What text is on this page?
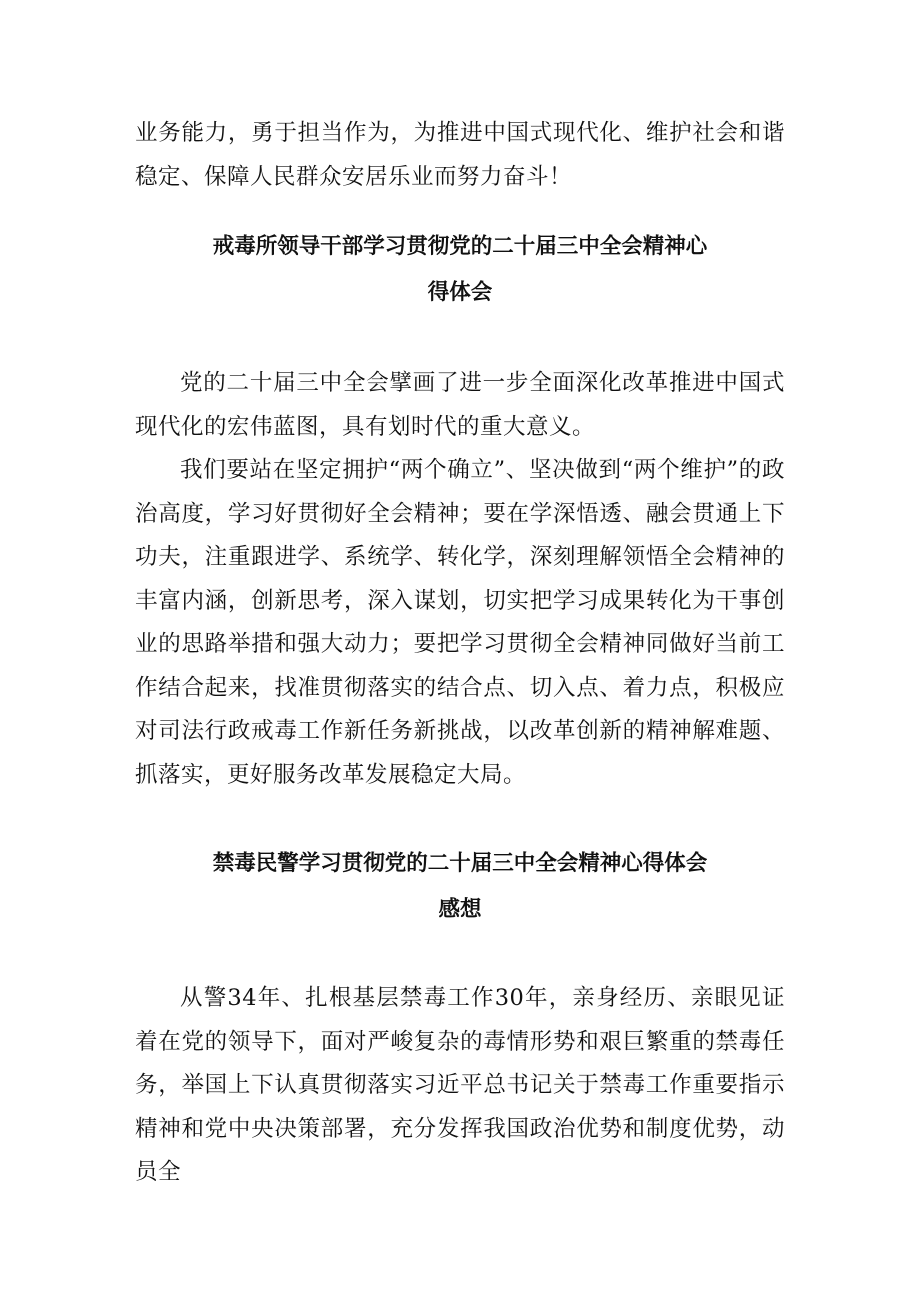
业务能力，勇于担当作为，为推进中国式现代化、维护社会和谐稳定、保障人民群众安居乐业而努力奋斗！

戒毒所领导干部学习贯彻党的二十届三中全会精神心
得体会

党的二十届三中全会擘画了进一步全面深化改革推进中国式现代化的宏伟蓝图，具有划时代的重大意义。

我们要站在坚定拥护“两个确立”、坚决做到“两个维护”的政治高度，学习好贯彻好全会精神；要在学深悟透、融会贯通上下功夫，注重跟进学、系统学、转化学，深刻理解领悟全会精神的丰富内涵，创新思考，深入谋划，切实把学习成果转化为干事创业的思路举措和强大动力；要把学习贯彻全会精神同做好当前工作结合起来，找准贯彻落实的结合点、切入点、着力点，积极应对司法行政戒毒工作新任务新挑战，以改革创新的精神解难题、抓落实，更好服务改革发展稳定大局。

禁毒民警学习贯彻党的二十届三中全会精神心得体会
感想

从警34年、扎根基层禁毒工作30年，亲身经历、亲眼见证着在党的领导下，面对严峻复杂的毒情形势和艰巨繁重的禁毒任务，举国上下认真贯彻落实习近平总书记关于禁毒工作重要指示精神和党中央决策部署，充分发挥我国政治优势和制度优势，动员全
